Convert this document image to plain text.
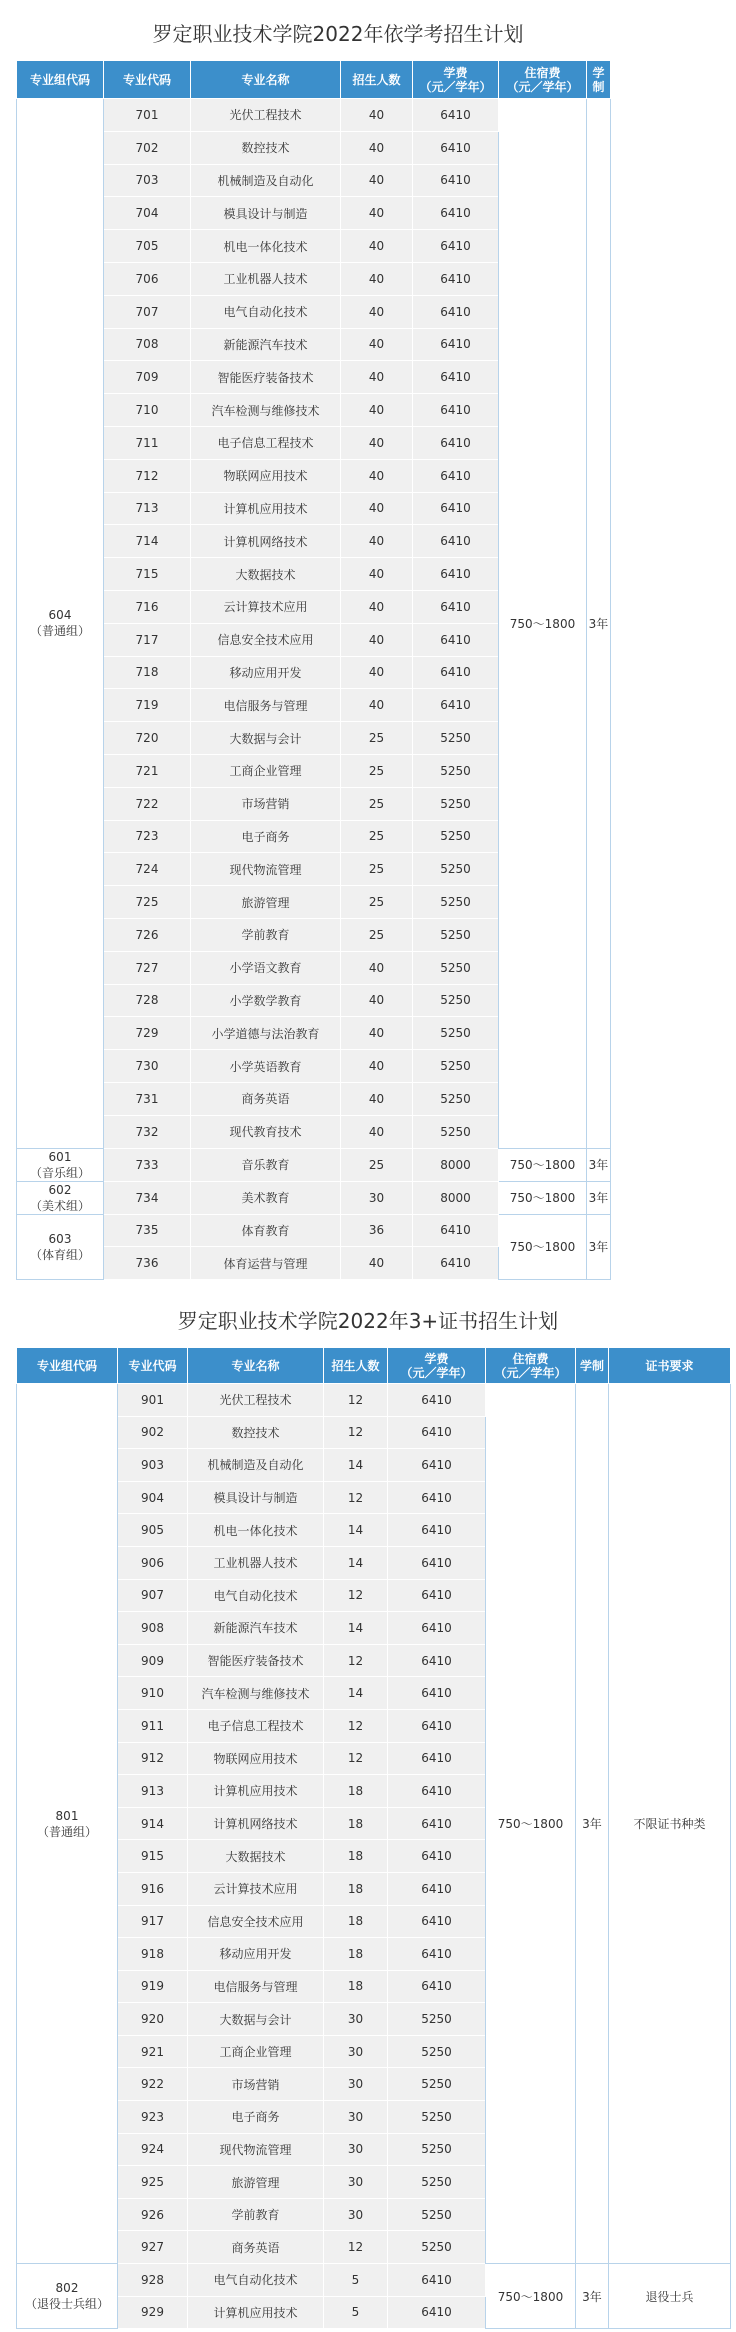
罗定职业技术学院2022年依学考招生计划
专业组代码	专业代码	专业名称	招生人数	学费
（元／学年）	住宿费
（元／学年）	学制

604
（普通组）	701	光伏工程技术	40	6410	750～1800	3年
	702	数控技术	40	6410		
	703	机械制造及自动化	40	6410		
	704	模具设计与制造	40	6410		
	705	机电一体化技术	40	6410		
	706	工业机器人技术	40	6410		
	707	电气自动化技术	40	6410		
	708	新能源汽车技术	40	6410		
	709	智能医疗装备技术	40	6410		
	710	汽车检测与维修技术	40	6410		
	711	电子信息工程技术	40	6410		
	712	物联网应用技术	40	6410		
	713	计算机应用技术	40	6410		
	714	计算机网络技术	40	6410		
	715	大数据技术	40	6410		
	716	云计算技术应用	40	6410		
	717	信息安全技术应用	40	6410		
	718	移动应用开发	40	6410		
	719	电信服务与管理	40	6410		
	720	大数据与会计	25	5250		
	721	工商企业管理	25	5250		
	722	市场营销	25	5250		
	723	电子商务	25	5250		
	724	现代物流管理	25	5250		
	725	旅游管理	25	5250		
	726	学前教育	25	5250		
	727	小学语文教育	40	5250		
	728	小学数学教育	40	5250		
	729	小学道德与法治教育	40	5250		
	730	小学英语教育	40	5250		
	731	商务英语	40	5250		
	732	现代教育技术	40	5250		

601
（音乐组）	733	音乐教育	25	8000	750～1800	3年

602
（美术组）	734	美术教育	30	8000	750～1800	3年

603
（体育组）	735	体育教育	36	6410	750～1800	3年
	736	体育运营与管理	40	6410		
罗定职业技术学院2022年3+证书招生计划
专业组代码	专业代码	专业名称	招生人数	学费
（元／学年）	住宿费
（元／学年）	学制	证书要求

801
（普通组）	901	光伏工程技术	12	6410	750～1800	3年	不限证书种类
	902	数控技术	12	6410			
	903	机械制造及自动化	14	6410			
	904	模具设计与制造	12	6410			
	905	机电一体化技术	14	6410			
	906	工业机器人技术	14	6410			
	907	电气自动化技术	12	6410			
	908	新能源汽车技术	14	6410			
	909	智能医疗装备技术	12	6410			
	910	汽车检测与维修技术	14	6410			
	911	电子信息工程技术	12	6410			
	912	物联网应用技术	12	6410			
	913	计算机应用技术	18	6410			
	914	计算机网络技术	18	6410			
	915	大数据技术	18	6410			
	916	云计算技术应用	18	6410			
	917	信息安全技术应用	18	6410			
	918	移动应用开发	18	6410			
	919	电信服务与管理	18	6410			
	920	大数据与会计	30	5250			
	921	工商企业管理	30	5250			
	922	市场营销	30	5250			
	923	电子商务	30	5250			
	924	现代物流管理	30	5250			
	925	旅游管理	30	5250			
	926	学前教育	30	5250			
	927	商务英语	12	5250			

802
（退役士兵组）	928	电气自动化技术	5	6410	750～1800	3年	退役士兵
	929	计算机应用技术	5	6410			
